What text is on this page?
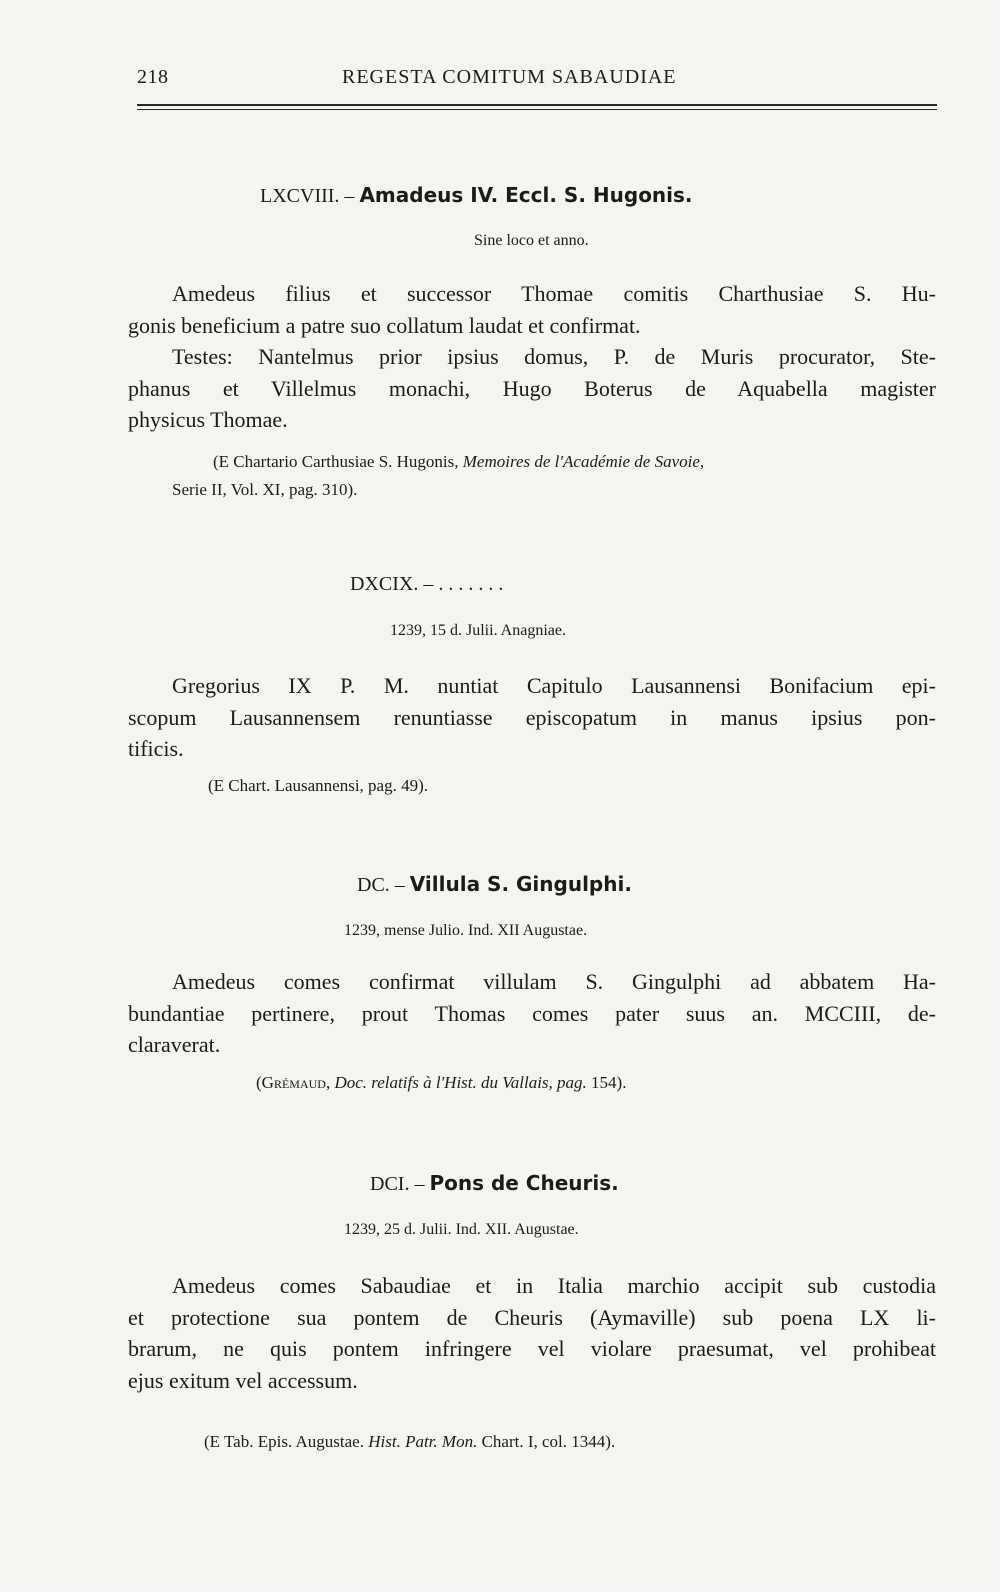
218	REGESTA COMITUM SABAUDIAE
LXCVIII. – Amadeus IV. Eccl. S. Hugonis.
Sine loco et anno.
Amedeus filius et successor Thomae comitis Charthusiae S. Hu-
gonis beneficium a patre suo collatum laudat et confirmat.
Testes: Nantelmus prior ipsius domus, P. de Muris procurator, Ste-
phanus et Villelmus monachi, Hugo Boterus de Aquabella magister
physicus Thomae.
(E Chartario Carthusiae S. Hugonis, Memoires de l'Académie de Savoie,
Serie II, Vol. XI, pag. 310).
DXCIX. – . . . . . . .
1239, 15 d. Julii. Anagniae.
Gregorius IX P. M. nuntiat Capitulo Lausannensi Bonifacium epi-
scopum Lausannensem renuntiasse episcopatum in manus ipsius pon-
tificis.
(E Chart. Lausannensi, pag. 49).
DC. – Villula S. Gingulphi.
1239, mense Julio. Ind. XII Augustae.
Amedeus comes confirmat villulam S. Gingulphi ad abbatem Ha-
bundantiae pertinere, prout Thomas comes pater suus an. MCCIII, de-
claraverat.
(Grémaud, Doc. relatifs à l'Hist. du Vallais, pag. 154).
DCI. – Pons de Cheuris.
1239, 25 d. Julii. Ind. XII. Augustae.
Amedeus comes Sabaudiae et in Italia marchio accipit sub custodia
et protectione sua pontem de Cheuris (Aymaville) sub poena LX li-
brarum, ne quis pontem infringere vel violare praesumat, vel prohibeat
ejus exitum vel accessum.
(E Tab. Epis. Augustae. Hist. Patr. Mon. Chart. I, col. 1344).
